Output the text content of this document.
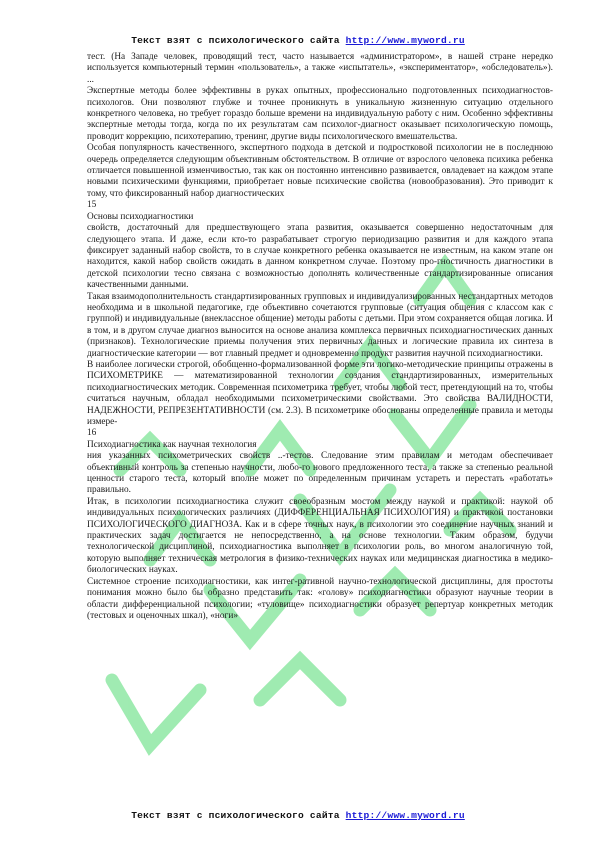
Текст взят с психологического сайта http://www.myword.ru

тест. (На Западе человек, проводящий тест, часто называется «администратором», в нашей стране нередко используется компьютерный термин «пользователь», а также «испытатель», «экспериментатор», «обследователь»). ...

Экспертные методы более эффективны в руках опытных, профессионально подготовленных психодиагностов-психологов. Они позволяют глубже и точнее проникнуть в уникальную жизненную ситуацию отдельного конкретного человека, но требует гораздо больше времени на индивидуальную работу с ним. Особенно эффективны экспертные методы тогда, когда по их результатам сам психолог-диагност оказывает психологическую помощь, проводит коррекцию, психотерапию, тренинг, другие виды психологического вмешательства.

Особая популярность качественного, экспертного подхода в детской и подростковой психологии не в последнюю очередь определяется следующим объективным обстоятельством. В отличие от взрослого человека психика ребенка отличается повышенной изменчивостью, так как он постоянно интенсивно развивается, овладевает на каждом этапе новыми психическими функциями, приобретает новые психические свойства (новообразования). Это приводит к тому, что фиксированный набор диагностических

15

Основы психодиагностики

свойств, достаточный для предшествующего этапа развития, оказывается совершенно недостаточным для следующего этапа. И даже, если кто-то разрабатывает строгую периодизацию развития и для каждого этапа фиксирует заданный набор свойств, то в случае конкретного ребенка оказывается не известным, на каком этапе он находится, какой набор свойств ожидать в данном конкретном случае. Поэтому про-гностичность диагностики в детской психологии тесно связана с возможностью дополнять количественные стандартизированные описания качественными данными.

Такая взаимодополнительность стандартизированных групповых и индивидуализированных нестандартных методов необходима и в школьной педагогике, где объективно сочетаются групповые (ситуация общения с классом как с группой) и индивидуальные (внеклассное общение) методы работы с детьми. При этом сохраняется общая логика. И в том, и в другом случае диагноз выносится на основе анализа комплекса первичных психодиагностических данных (признаков). Технологические приемы получения этих первичных данных и логические правила их синтеза в диагностические категории — вот главный предмет и одновременно продукт развития научной психодиагностики.

В наиболее логически строгой, обобщенно-формализованной форме эти логико-методические принципы отражены в ПСИХОМЕТРИКЕ — математизированной технологии создания стандартизированных, измерительных психодиагностических методик. Современная психометрика требует, чтобы любой тест, претендующий на то, чтобы считаться научным, обладал необходимыми психометрическими свойствами. Это свойства ВАЛИДНОСТИ, НАДЕЖНОСТИ, РЕПРЕЗЕНТАТИВНОСТИ (см. 2.3). В психометрике обоснованы определенные правила и методы измере-

16

Психодиагностика как научная технология

ния указанных психометрических свойств ..-тестов. Следование этим правилам и методам обеспечивает объективный контроль за степенью научности, любо-го нового предложенного теста, а также за степенью реальной ценности старого теста, который вполне может по определенным причинам устареть и перестать «работать» правильно.

Итак, в психологии психодиагностика служит своеобразным мостом между наукой и практикой: наукой об индивидуальных психологических различиях (ДИФФЕРЕНЦИАЛЬНАЯ ПСИХОЛОГИЯ) и практикой постановки ПСИХОЛОГИЧЕСКОГО ДИАГНОЗА. Как и в сфере точных наук, в психологии это соединение научных знаний и практических задач достигается не непосредственно, а на основе технологии. Таким образом, будучи технологической дисциплиной, психодиагностика выполняет в психологии роль, во многом аналогичную той, которую выполняет техническая метрология в физико-технических науках или медицинская диагностика в медико-биологических науках.

Системное строение психодиагностики, как интег-ративной научно-технологической дисциплины, для простоты понимания можно было бы образно представить так: «голову» психодиагностики образуют научные теории в области дифференциальной психологии; «туловище» психодиагностики образует репертуар конкретных методик (тестовых и оценочных шкал), «ноги»

Текст взят с психологического сайта http://www.myword.ru
